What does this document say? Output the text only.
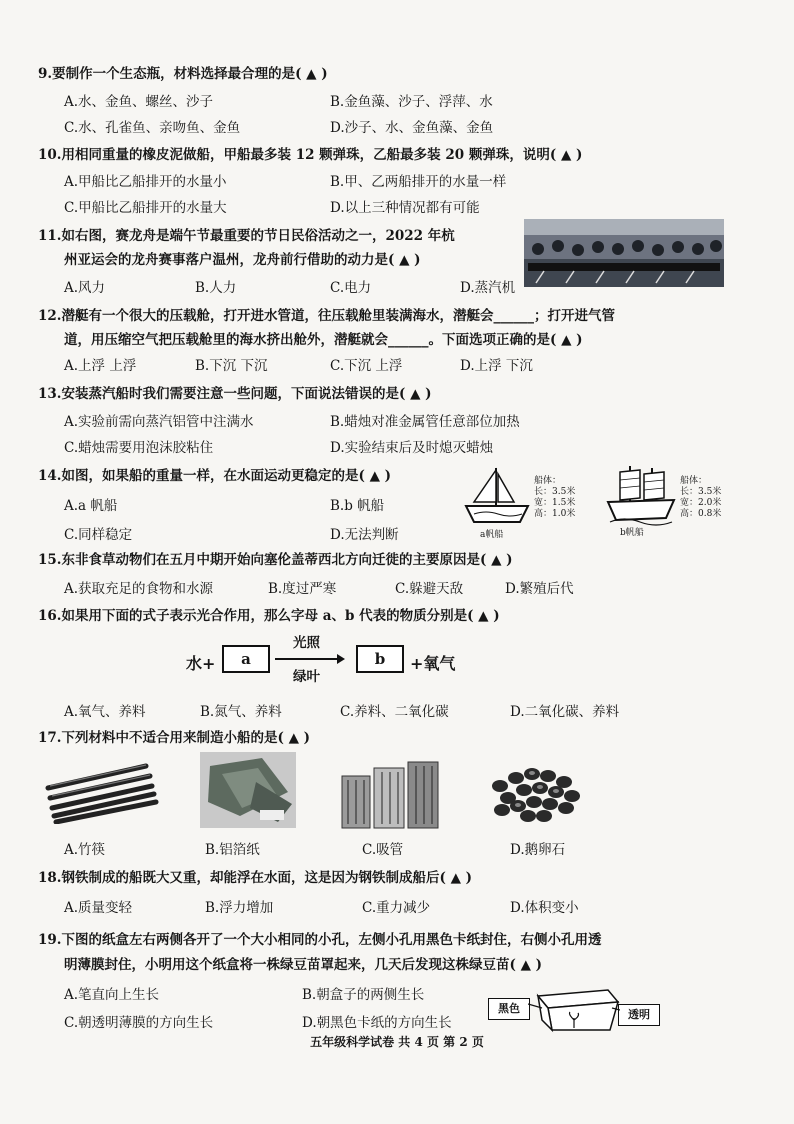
9.要制作一个生态瓶，材料选择最合理的是( ▲ )
A.水、金鱼、螺丝、沙子	B.金鱼藻、沙子、浮萍、水
C.水、孔雀鱼、亲吻鱼、金鱼	D.沙子、水、金鱼藻、金鱼
10.用相同重量的橡皮泥做船，甲船最多装 12 颗弹珠，乙船最多装 20 颗弹珠，说明( ▲ )
A.甲船比乙船排开的水量小	B.甲、乙两船排开的水量一样
C.甲船比乙船排开的水量大	D.以上三种情况都有可能
11.如右图，赛龙舟是端午节最重要的节日民俗活动之一，2022 年杭
州亚运会的龙舟赛事落户温州，龙舟前行借助的动力是( ▲ )
A.风力	B.人力	C.电力	D.蒸汽机
12.潜艇有一个很大的压载舱，打开进水管道，往压载舱里装满海水，潜艇会______；打开进气管
道，用压缩空气把压载舱里的海水挤出舱外，潜艇就会______。下面选项正确的是( ▲ )
A.上浮 上浮	B.下沉 下沉	C.下沉 上浮	D.上浮 下沉
13.安装蒸汽船时我们需要注意一些问题，下面说法错误的是( ▲ )
A.实验前需向蒸汽铝管中注满水	B.蜡烛对准金属管任意部位加热
C.蜡烛需要用泡沫胶粘住	D.实验结束后及时熄灭蜡烛
14.如图，如果船的重量一样，在水面运动更稳定的是( ▲ )
A.a 帆船	B.b 帆船
C.同样稳定	D.无法判断	a帆船
船体：
长：3.5米
宽：1.5米
高：1.0米
b帆船
船体：
长：3.5米
宽：2.0米
高：0.8米
15.东非食草动物们在五月中期开始向塞伦盖蒂西北方向迁徙的主要原因是( ▲ )
A.获取充足的食物和水源	B.度过严寒	C.躲避天敌	D.繁殖后代
16.如果用下面的式子表示光合作用，那么字母 a、b 代表的物质分别是( ▲ )
水+	a
光照
绿叶
b	+氧气
A.氧气、养料	B.氮气、养料	C.养料、二氧化碳	D.二氧化碳、养料
17.下列材料中不适合用来制造小船的是( ▲ )
A.竹筷	B.铝箔纸	C.吸管	D.鹅卵石
18.钢铁制成的船既大又重，却能浮在水面，这是因为钢铁制成船后( ▲ )
A.质量变轻	B.浮力增加	C.重力减少	D.体积变小
19.下图的纸盒左右两侧各开了一个大小相同的小孔，左侧小孔用黑色卡纸封住，右侧小孔用透
明薄膜封住，小明用这个纸盒将一株绿豆苗罩起来，几天后发现这株绿豆苗( ▲ )
A.笔直向上生长	B.朝盒子的两侧生长
C.朝透明薄膜的方向生长	D.朝黑色卡纸的方向生长
黑色	透明
五年级科学试卷 共 4 页 第 2 页
